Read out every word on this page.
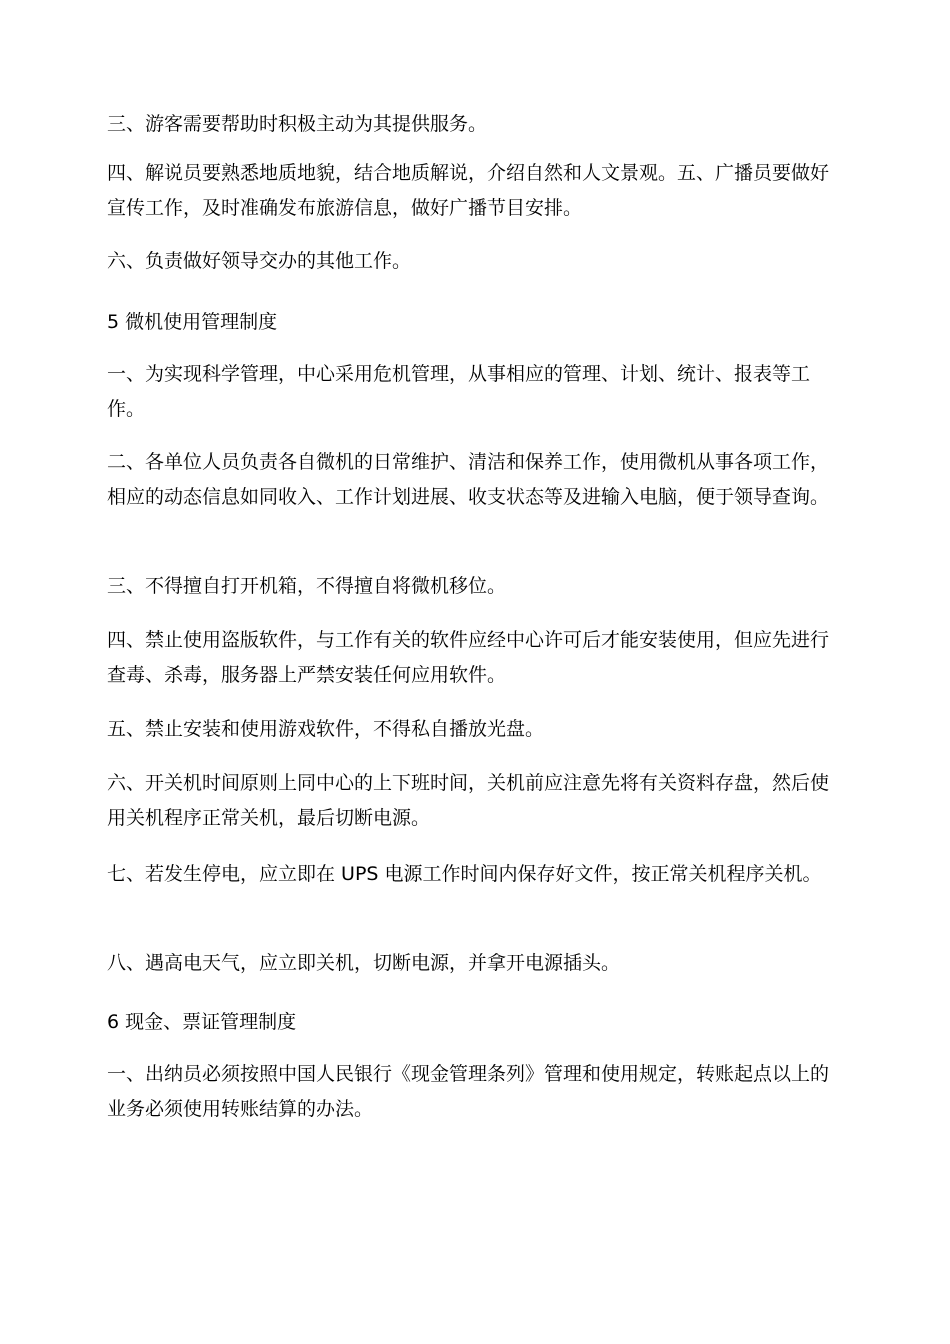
三、游客需要帮助时积极主动为其提供服务。

四、解说员要熟悉地质地貌，结合地质解说，介绍自然和人文景观。五、广播员要做好宣传工作，及时准确发布旅游信息，做好广播节目安排。

六、负责做好领导交办的其他工作。

5 微机使用管理制度

一、为实现科学管理，中心采用危机管理，从事相应的管理、计划、统计、报表等工作。

二、各单位人员负责各自微机的日常维护、清洁和保养工作，使用微机从事各项工作，相应的动态信息如同收入、工作计划进展、收支状态等及进输入电脑，便于领导查询。

三、不得擅自打开机箱，不得擅自将微机移位。

四、禁止使用盗版软件，与工作有关的软件应经中心许可后才能安装使用，但应先进行查毒、杀毒，服务器上严禁安装任何应用软件。

五、禁止安装和使用游戏软件，不得私自播放光盘。

六、开关机时间原则上同中心的上下班时间，关机前应注意先将有关资料存盘，然后使用关机程序正常关机，最后切断电源。

七、若发生停电，应立即在 UPS 电源工作时间内保存好文件，按正常关机程序关机。

八、遇高电天气，应立即关机，切断电源，并拿开电源插头。

6 现金、票证管理制度

一、出纳员必须按照中国人民银行《现金管理条列》管理和使用规定，转账起点以上的业务必须使用转账结算的办法。
